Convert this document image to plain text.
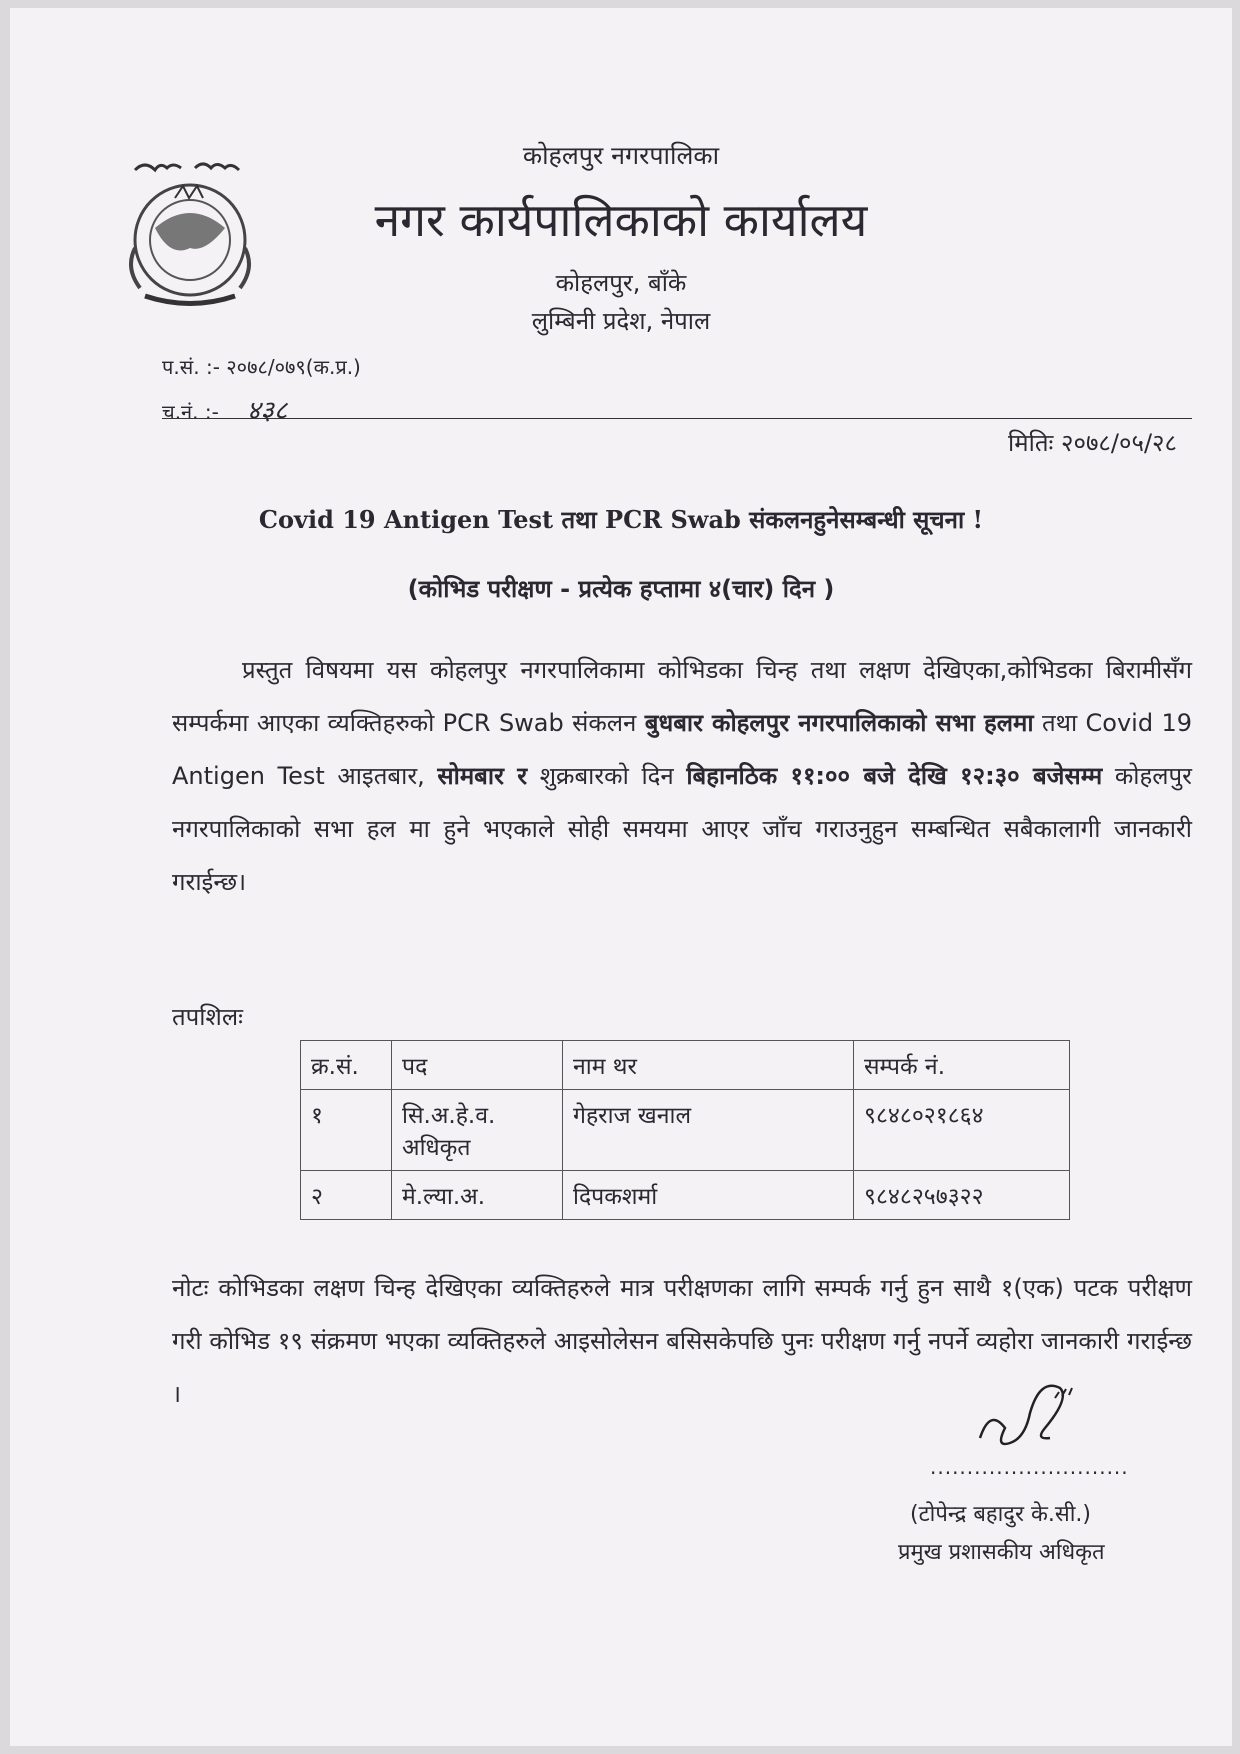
कोहलपुर नगरपालिका
नगर कार्यपालिकाको कार्यालय
कोहलपुर, बाँके
लुम्बिनी प्रदेश, नेपाल
प.सं. :- २०७८/०७९(क.प्र.)
च.नं. :- ४३८
मितिः २०७८/०५/२८
Covid 19 Antigen Test तथा PCR Swab संकलनहुनेसम्बन्धी सूचना !
(कोभिड परीक्षण - प्रत्येक हप्तामा ४(चार) दिन )
प्रस्तुत विषयमा यस कोहलपुर नगरपालिकामा कोभिडका चिन्ह तथा लक्षण देखिएका,कोभिडका बिरामीसँग सम्पर्कमा आएका व्यक्तिहरुको PCR Swab संकलन बुधबार कोहलपुर नगरपालिकाको सभा हलमा तथा Covid 19 Antigen Test आइतबार, सोमबार र शुक्रबारको दिन बिहानठिक ११:०० बजे देखि १२:३० बजेसम्म कोहलपुर नगरपालिकाको सभा हल मा हुने भएकाले सोही समयमा आएर जाँच गराउनुहुन सम्बन्धित सबैकालागी जानकारी गराईन्छ।
तपशिलः
क्र.सं.	पद	नाम थर	सम्पर्क नं.
१	सि.अ.हे.व. अधिकृत	गेहराज खनाल	९८४८०२१८६४
२	मे.ल्या.अ.	दिपकशर्मा	९८४८२५७३२२
नोटः कोभिडका लक्षण चिन्ह देखिएका व्यक्तिहरुले मात्र परीक्षणका लागि सम्पर्क गर्नु हुन साथै १(एक) पटक परीक्षण गरी कोभिड १९ संक्रमण भएका व्यक्तिहरुले आइसोलेसन बसिसकेपछि पुनः परीक्षण गर्नु नपर्ने व्यहोरा जानकारी गराईन्छ ।
...........................
(टोपेन्द्र बहादुर के.सी.)
प्रमुख प्रशासकीय अधिकृत
